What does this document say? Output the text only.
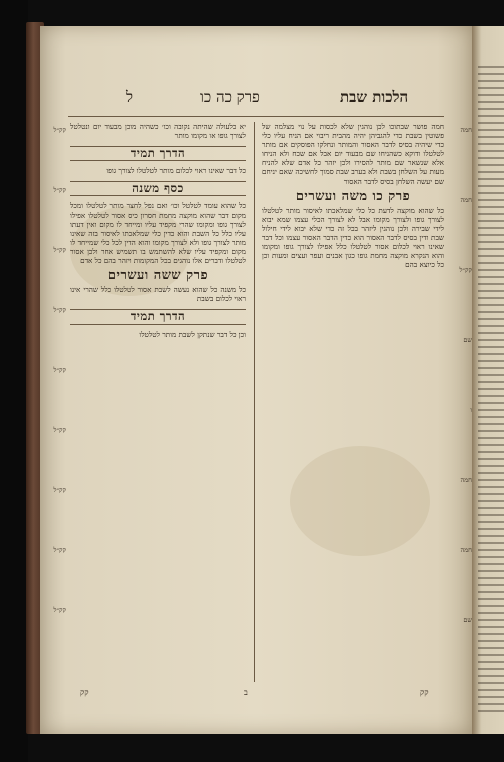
ל	פרק כה כו	הלכות שבת
קק״ל
קק״ל
קק״ל
קק״ל
קק״ל
קק״ל
קק״ל
קק״ל
קק״ל

יא כלעולה שהיתה נקובה וכו׳ כשהיה מוכן מבעוד יום ונטלטל לצורך גופו או מקומו מותר

הדרך תמיד

כל דבר שאינו ראוי לכלום מותר לטלטלו לצורך גופו

כסף משנה

כל שהוא עומד לטלטל וכו׳ ואם נפל לחצר מותר לטלטלו ומכל מקום דבר שהוא מוקצה מחמת חסרון כיס אסור לטלטלו אפילו לצורך גופו ומקומו שהרי מקפיד עליו ומייחד לו מקום ואין דעתו עליו כלל כל השבת והוא כדין כלי שמלאכתו לאיסור בזה שאינו מותר לצורך גופו ולא לצורך מקומו והוא הדין לכל כלי שמייחד לו מקום ומקפיד עליו שלא להשתמש בו תשמיש אחר ולכן אסור לטלטלו ודברים אלו נוהגים בכל המקומות ויזהר בהם כל אדם

פרק ששה ועשרים

כל משנה כל שהוא נעשה לשבת אסור לטלטלו כלל שהרי אינו ראוי לכלום בשבת

הדרך תמיד

וכן כל דבר שנתקן לשבת מותר לטלטלו

חמה פושר שבתוכו לכן נוהגין שלא לכסות על נוי מצלמה של פשוטין בשבת כדי להגביהן יהיה מהבית ריבוי אם הניח עליו כלי כדי שיהיה בסיס לדבר האסור והמותר ונחלקו הפוסקים אם מותר לטלטלו ודוקא כשהניחו שם מבעוד יום אבל אם שכח ולא הניחו אלא שנשאר שם מותר להסירו ולכן יזהר כל אדם שלא להניח מעות על השלחן בשבת ולא בערב שבת סמוך לחשיכה שאם יניחם שם יעשה השלחן בסיס לדבר האסור

פרק כו משה ועשרים

כל שהוא מוקצה לדעת כל כלי שמלאכתו לאיסור מותר לטלטלו לצורך גופו ולצורך מקומו אבל לא לצורך הכלי עצמו שמא יבוא לידי שבירה ולכן נוהגין ליזהר בכל זה כדי שלא יבוא לידי חילול שבת ודין בסיס לדבר האסור הוא כדין הדבר האסור עצמו וכל דבר שאינו ראוי לכלום אסור לטלטלו כלל אפילו לצורך גופו ומקומו והוא הנקרא מוקצה מחמת גופו כגון אבנים ועפר ועצים ומעות וכן כל כיוצא בהם

חמה
חמה
קק״ל
שם
חמה
חמה
שם
קק	ב	קק
